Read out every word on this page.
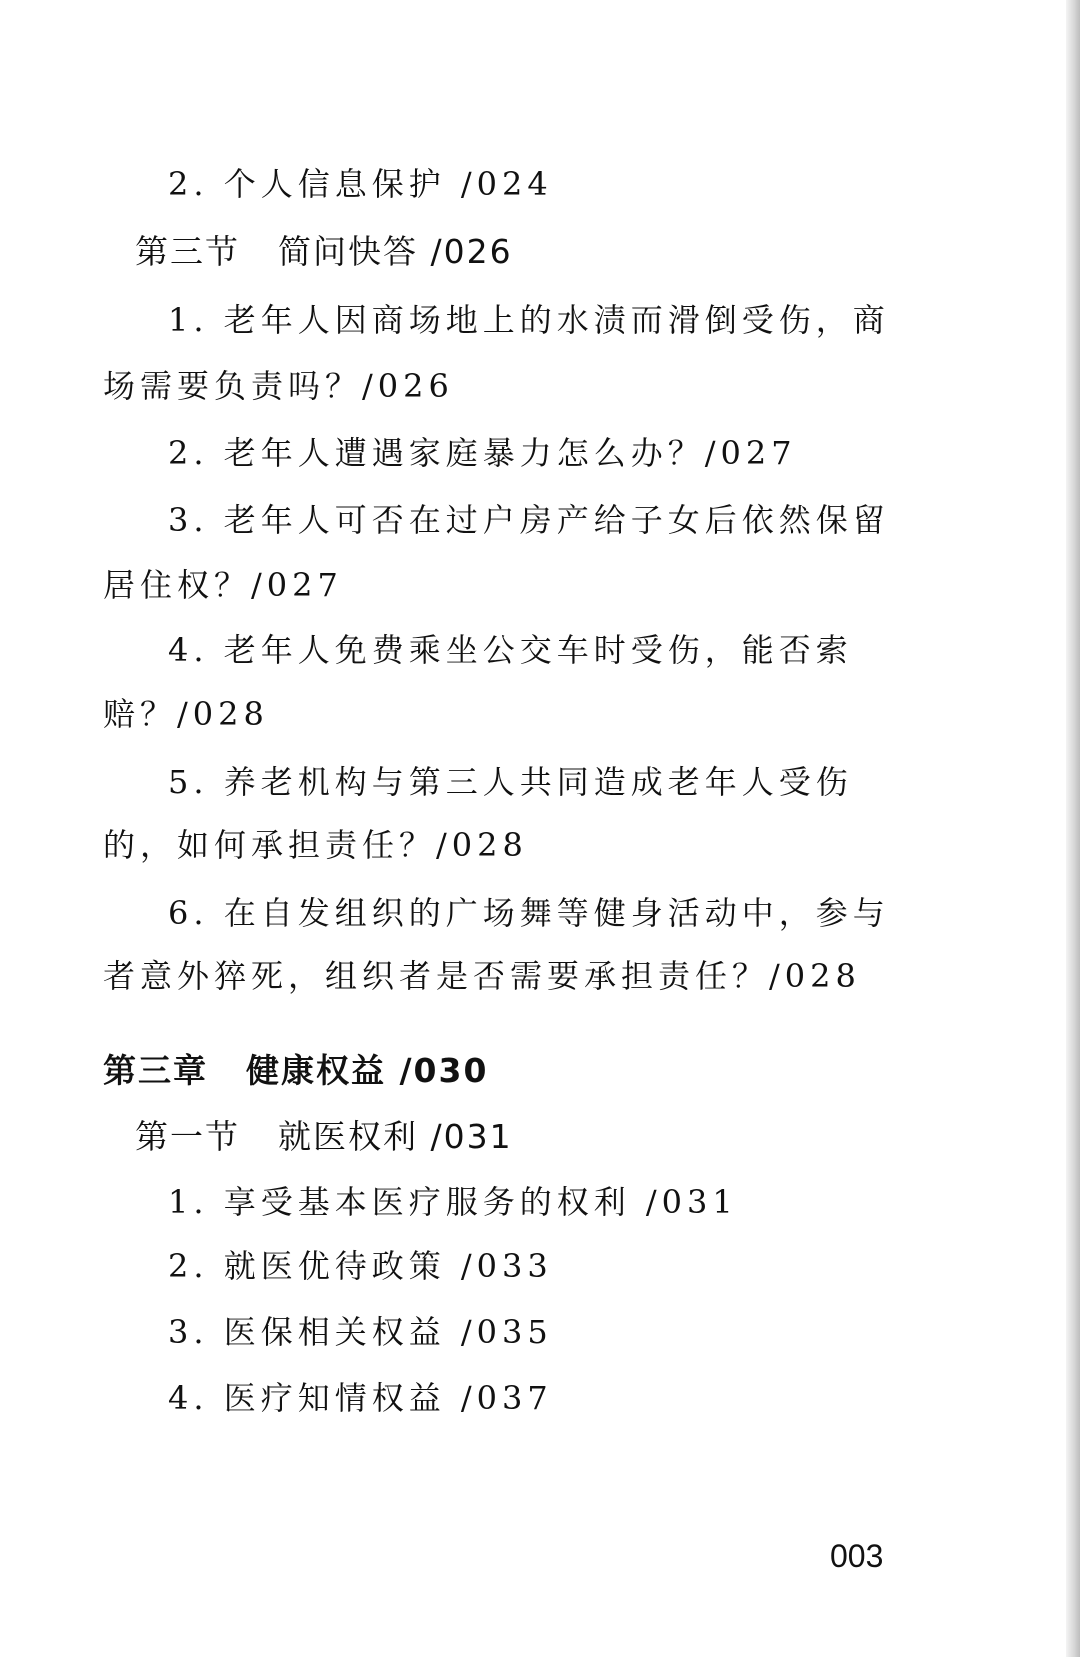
2. 个人信息保护 /024
第三节 简问快答 /026
1. 老年人因商场地上的水渍而滑倒受伤，商
场需要负责吗？/026
2. 老年人遭遇家庭暴力怎么办？/027
3. 老年人可否在过户房产给子女后依然保留
居住权？/027
4. 老年人免费乘坐公交车时受伤，能否索
赔？/028
5. 养老机构与第三人共同造成老年人受伤
的，如何承担责任？/028
6. 在自发组织的广场舞等健身活动中，参与
者意外猝死，组织者是否需要承担责任？/028
第三章 健康权益 /030
第一节 就医权利 /031
1. 享受基本医疗服务的权利 /031
2. 就医优待政策 /033
3. 医保相关权益 /035
4. 医疗知情权益 /037
003
